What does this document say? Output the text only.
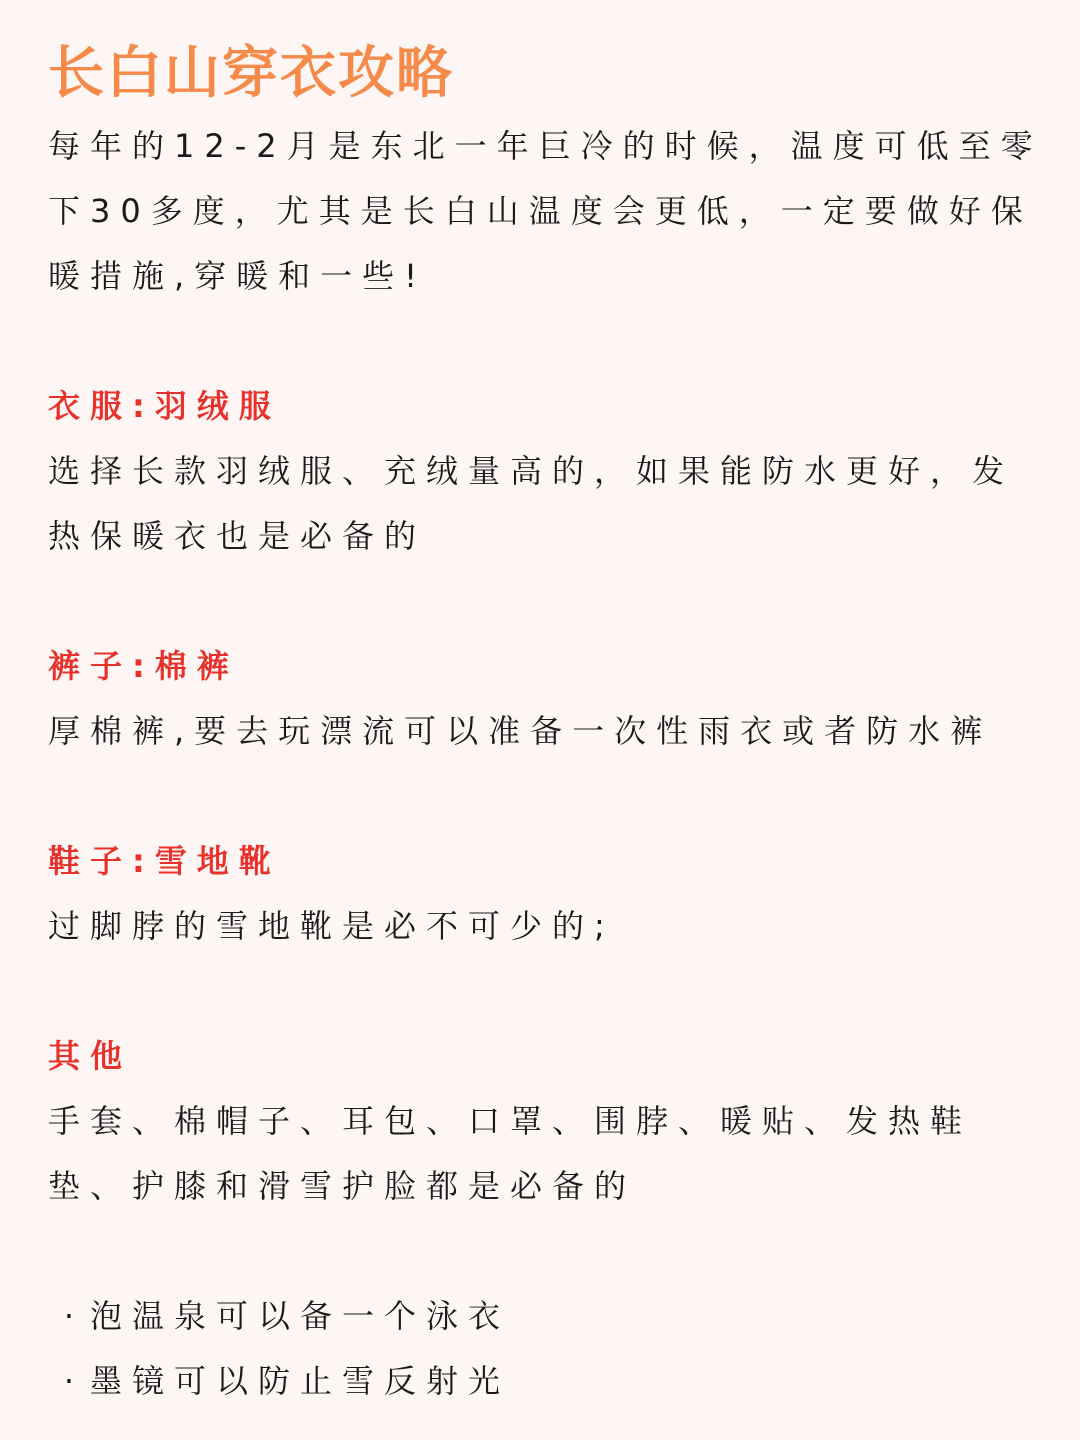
长白山穿衣攻略
每年的12-2月是东北一年巨冷的时候，温度可低至零
下30多度，尤其是长白山温度会更低，一定要做好保
暖措施,穿暖和一些!
衣服:羽绒服
选择长款羽绒服、充绒量高的，如果能防水更好，发
热保暖衣也是必备的
裤子:棉裤
厚棉裤,要去玩漂流可以准备一次性雨衣或者防水裤
鞋子:雪地靴
过脚脖的雪地靴是必不可少的;
其他
手套、棉帽子、耳包、口罩、围脖、暖贴、发热鞋
垫、护膝和滑雪护脸都是必备的
· 泡温泉可以备一个泳衣
· 墨镜可以防止雪反射光
